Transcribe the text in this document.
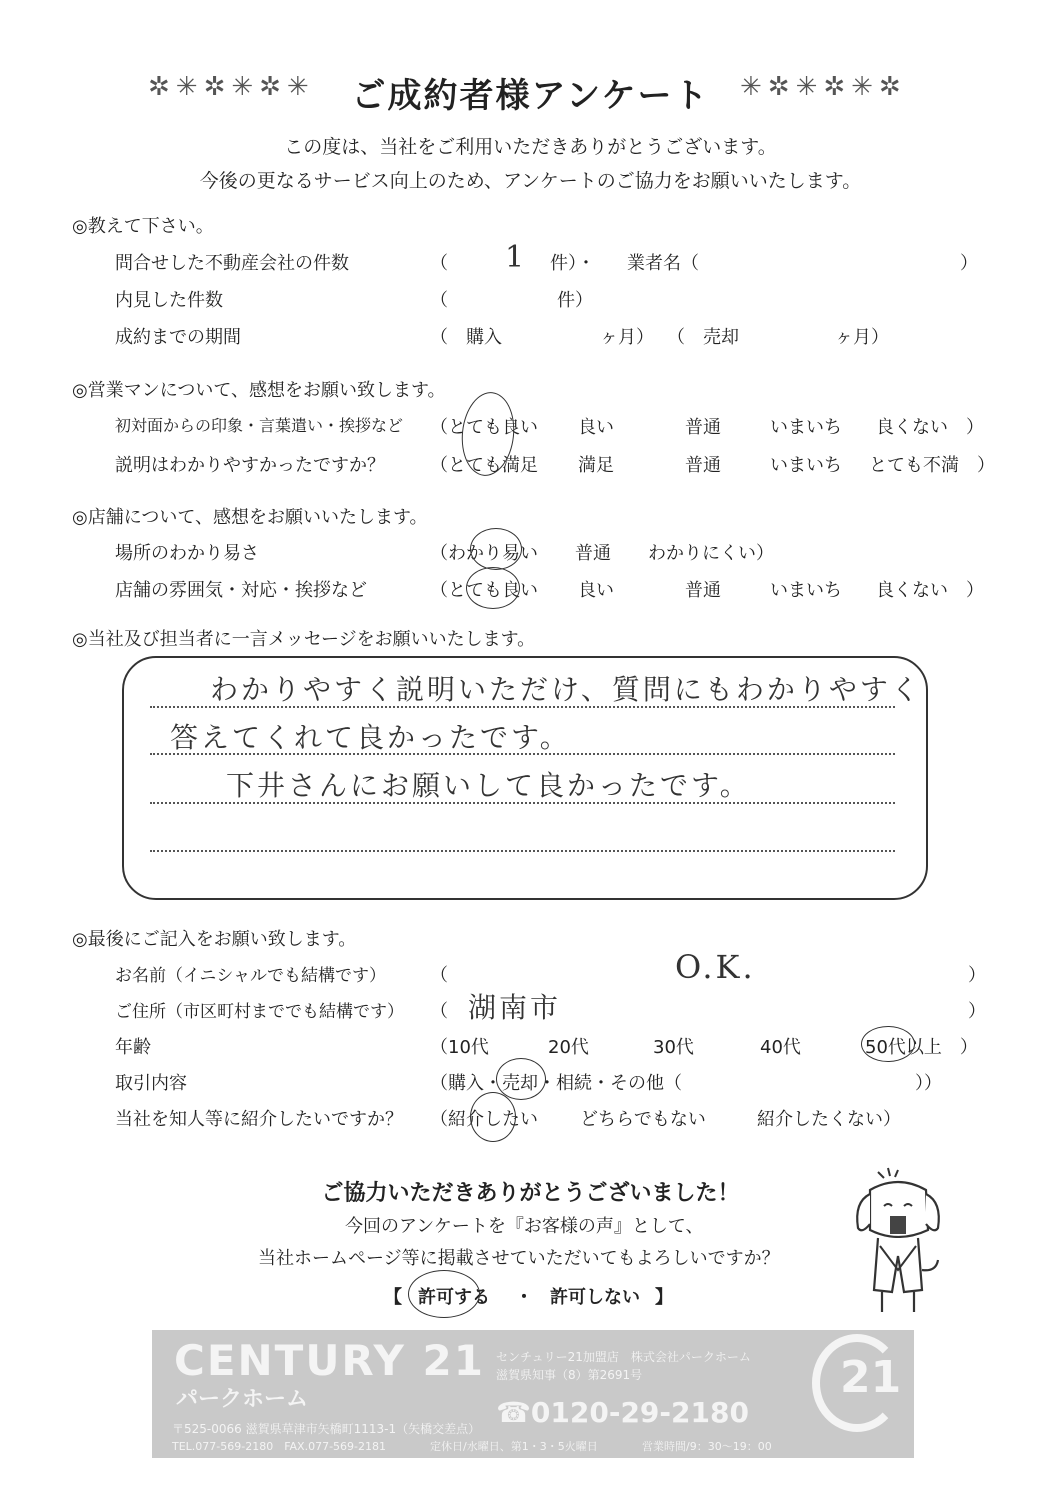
✲✳✲✳✲✳	ご成約者様アンケート	✳✲✳✲✳✲
この度は、当社をご利用いただきありがとうございます。
今後の更なるサービス向上のため、アンケートのご協力をお願いいたします。
◎教えて下さい。
問合せした不動産会社の件数	（ 1 件）・ 業者名（	）
内見した件数	（	件）
成約までの期間	（　購入	ヶ月） （　売却	ヶ月）
◎営業マンについて、感想をお願い致します。
初対面からの印象・言葉遣い・挨拶など （とても良い 良い	普通	いまいち 良くない　）
説明はわかりやすかったですか？	（とても満足 満足	普通	いまいち とても不満　）
◎店舗について、感想をお願いいたします。
場所のわかり易さ	（わかり易い 普通 わかりにくい）
店舗の雰囲気・対応・挨拶など	（とても良い 良い	普通	いまいち 良くない　）
◎当社及び担当者に一言メッセージをお願いいたします。
わかりやすく説明いただけ、質問にもわかりやすく
答えてくれて良かったです。
下井さんにお願いして良かったです。
◎最後にご記入をお願い致します。
お名前（イニシャルでも結構です） （	O.K.	）
ご住所（市区町村まででも結構です） （ 湖南市	）
年齢	（10代	20代	30代	40代	50代以上　）
取引内容	（購入・売却・相続・その他（	））
当社を知人等に紹介したいですか？ （紹介したい どちらでもない	紹介したくない）
ご協力いただきありがとうございました！
今回のアンケートを『お客様の声』として、
当社ホームページ等に掲載させていただいてもよろしいですか？
【 許可する ・ 許可しない 】
CENTURY 21
パークホーム
センチュリー21加盟店　株式会社パークホーム
滋賀県知事（8）第2691号
☎0120-29-2180
〒525-0066 滋賀県草津市矢橋町1113-1（矢橋交差点）
TEL.077-569-2180　FAX.077-569-2181	定休日/水曜日、第1・3・5火曜日	営業時間/9：30〜19：00
21
